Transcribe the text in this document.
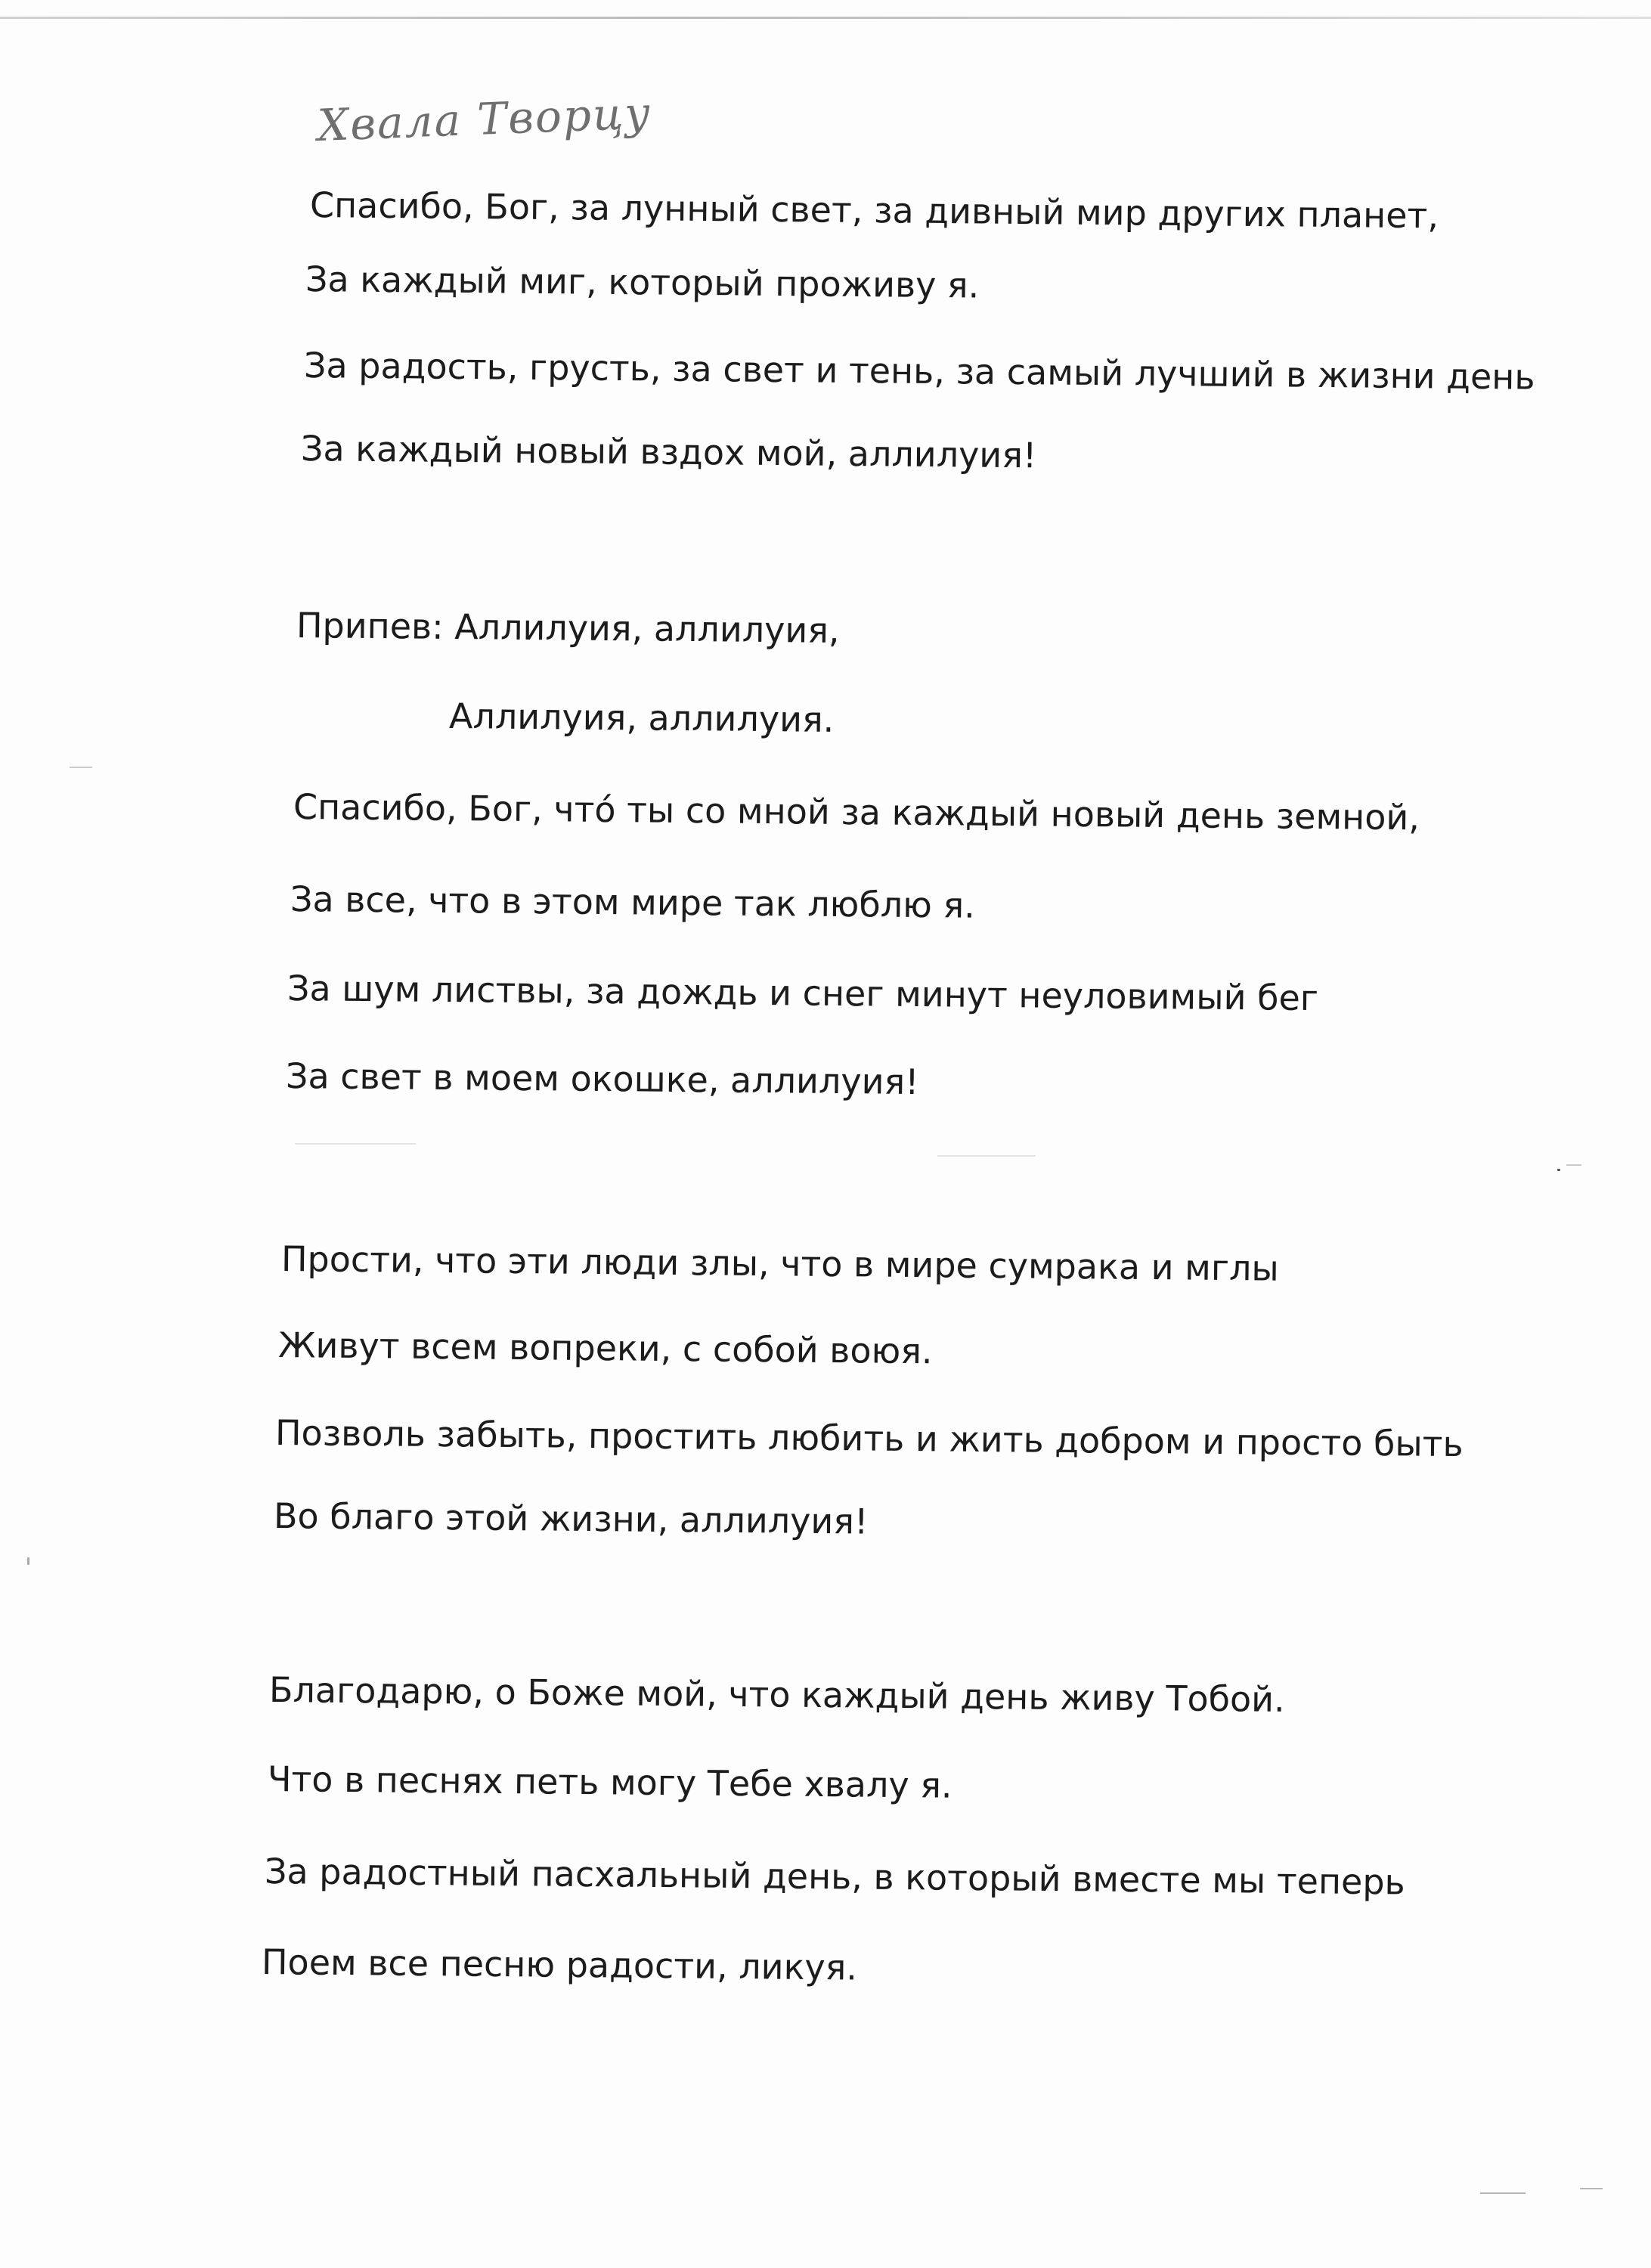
Хвала Творцу
Спасибо, Бог, за лунный свет, за дивный мир других планет,
За каждый миг, который проживу я.
За радость, грусть, за свет и тень, за самый лучший в жизни день
За каждый новый вздох мой, аллилуия!
Припев: Аллилуия, аллилуия,
Аллилуия, аллилуия.
Спасибо, Бог, что́ ты со мной за каждый новый день земной,
За все, что в этом мире так люблю я.
За шум листвы, за дождь и снег минут неуловимый бег
За свет в моем окошке, аллилуия!
Прости, что эти люди злы, что в мире сумрака и мглы
Живут всем вопреки, с собой воюя.
Позволь забыть, простить любить и жить добром и просто быть
Во благо этой жизни, аллилуия!
Благодарю, о Боже мой, что каждый день живу Тобой.
Что в песнях петь могу Тебе хвалу я.
За радостный пасхальный день, в который вместе мы теперь
Поем все песню радости, ликуя.
